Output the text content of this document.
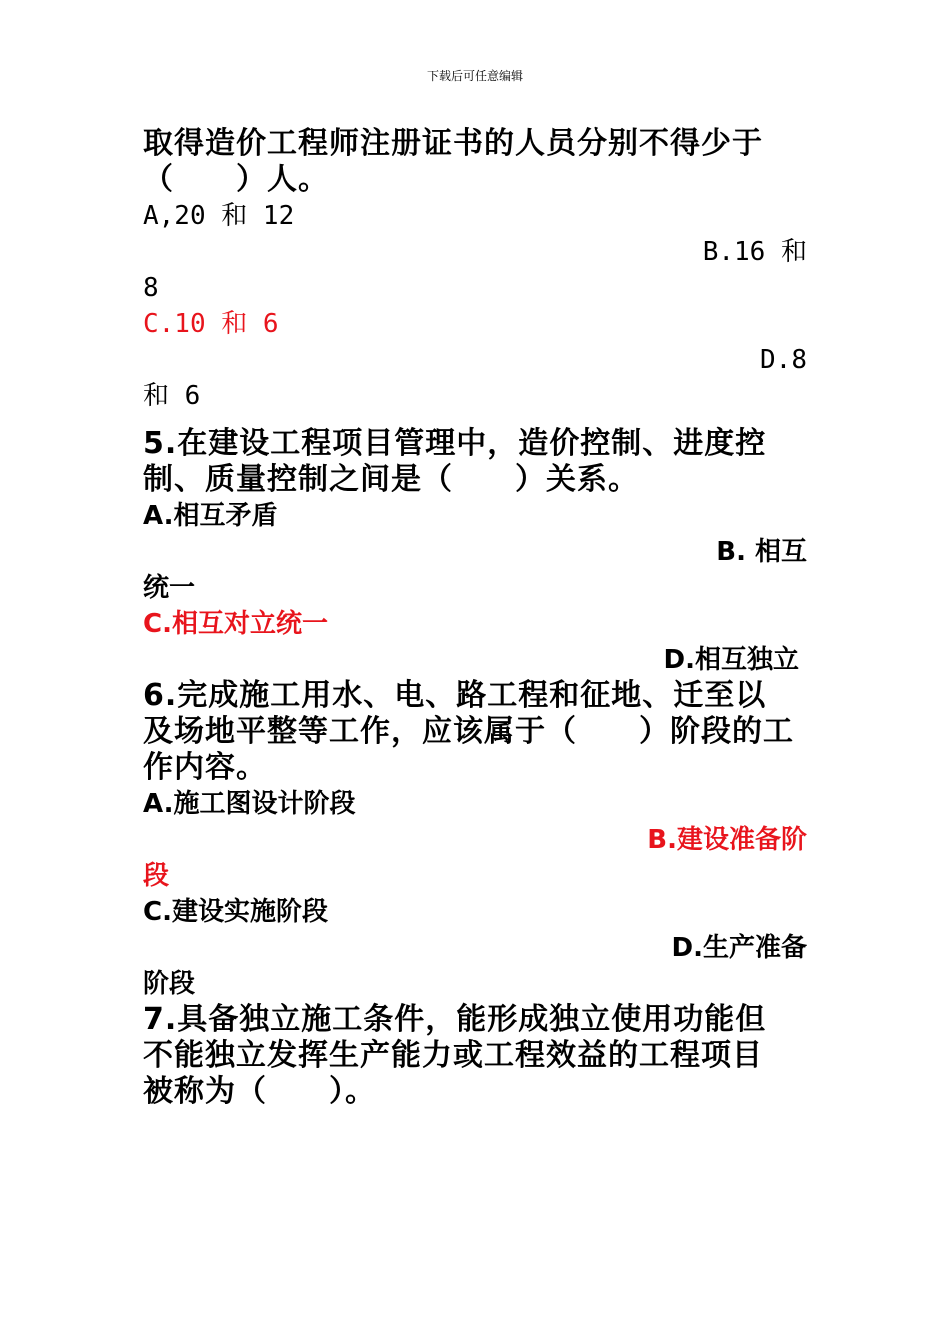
下载后可任意编辑

取得造价工程师注册证书的人员分别不得少于

（　　）人。

A,20 和 12

B.16 和

8

C.10 和 6

D.8

和 6

5.在建设工程项目管理中，造价控制、进度控

制、质量控制之间是（　　）关系。

A.相互矛盾

B. 相互

统一

C.相互对立统一

D.相互独立

6.完成施工用水、电、路工程和征地、迁至以

及场地平整等工作，应该属于（　　）阶段的工

作内容。

A.施工图设计阶段

B.建设准备阶

段

C.建设实施阶段

D.生产准备

阶段

7.具备独立施工条件，能形成独立使用功能但

不能独立发挥生产能力或工程效益的工程项目

被称为（　　）。
